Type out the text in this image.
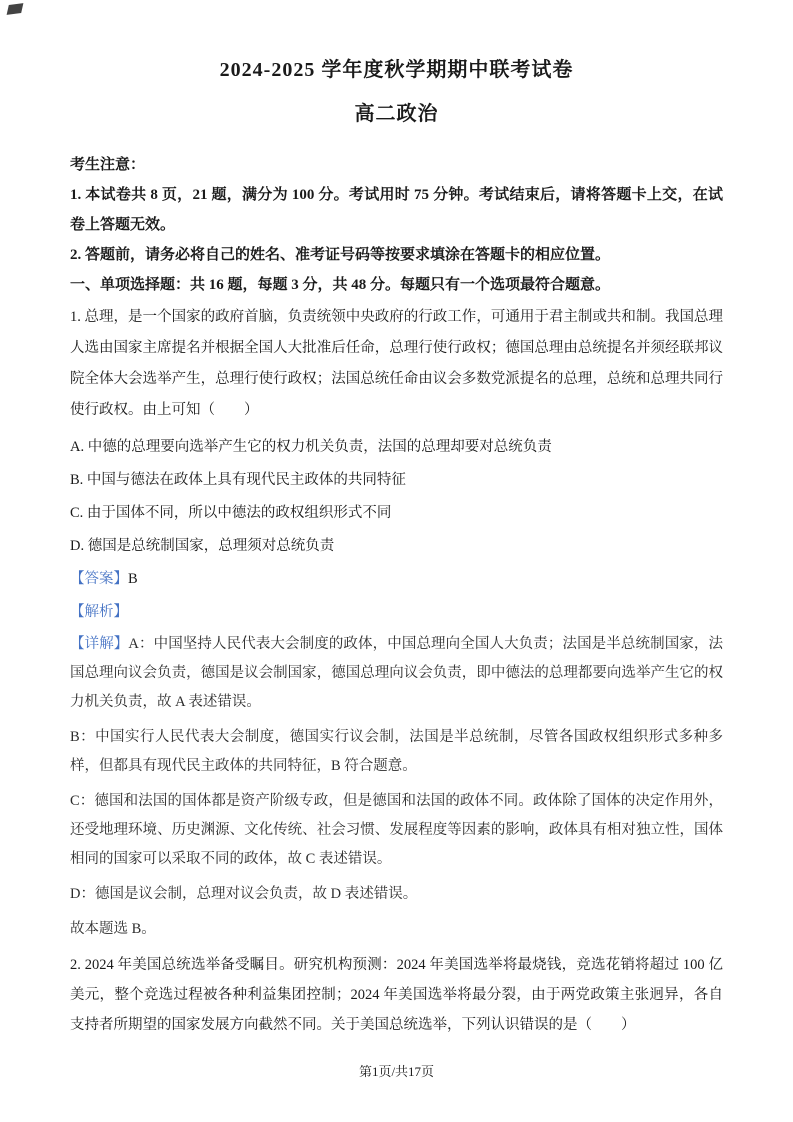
2024-2025 学年度秋学期期中联考试卷
高二政治

考生注意：

1. 本试卷共 8 页，21 题，满分为 100 分。考试用时 75 分钟。考试结束后，请将答题卡上交，在试卷上答题无效。

2. 答题前，请务必将自己的姓名、准考证号码等按要求填涂在答题卡的相应位置。

一、单项选择题：共 16 题，每题 3 分，共 48 分。每题只有一个选项最符合题意。

1. 总理，是一个国家的政府首脑，负责统领中央政府的行政工作，可通用于君主制或共和制。我国总理人选由国家主席提名并根据全国人大批准后任命，总理行使行政权；德国总理由总统提名并须经联邦议院全体大会选举产生，总理行使行政权；法国总统任命由议会多数党派提名的总理，总统和总理共同行使行政权。由上可知（　　）

A. 中德的总理要向选举产生它的权力机关负责，法国的总理却要对总统负责

B. 中国与德法在政体上具有现代民主政体的共同特征

C. 由于国体不同，所以中德法的政权组织形式不同

D. 德国是总统制国家，总理须对总统负责

【答案】B

【解析】

【详解】A：中国坚持人民代表大会制度的政体，中国总理向全国人大负责；法国是半总统制国家，法国总理向议会负责，德国是议会制国家，德国总理向议会负责，即中德法的总理都要向选举产生它的权力机关负责，故 A 表述错误。

B：中国实行人民代表大会制度，德国实行议会制，法国是半总统制，尽管各国政权组织形式多种多样，但都具有现代民主政体的共同特征，B 符合题意。

C：德国和法国的国体都是资产阶级专政，但是德国和法国的政体不同。政体除了国体的决定作用外，还受地理环境、历史渊源、文化传统、社会习惯、发展程度等因素的影响，政体具有相对独立性，国体相同的国家可以采取不同的政体，故 C 表述错误。

D：德国是议会制，总理对议会负责，故 D 表述错误。

故本题选 B。

2. 2024 年美国总统选举备受瞩目。研究机构预测：2024 年美国选举将最烧钱，竞选花销将超过 100 亿美元，整个竞选过程被各种利益集团控制；2024 年美国选举将最分裂，由于两党政策主张迥异，各自支持者所期望的国家发展方向截然不同。关于美国总统选举，下列认识错误的是（　　）

第1页/共17页
